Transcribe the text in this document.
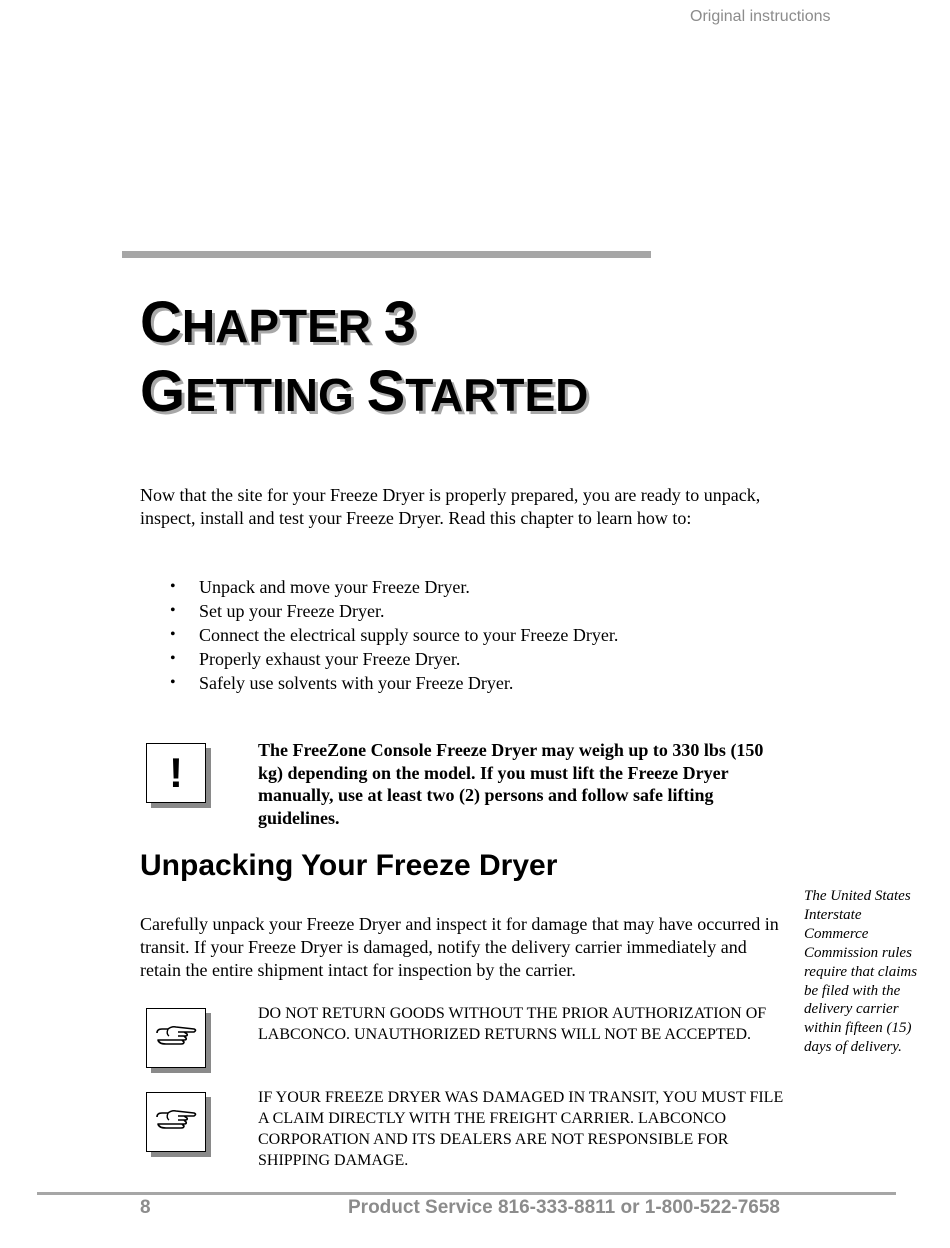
Original instructions
CHAPTER 3
GETTING STARTED

Now that the site for your Freeze Dryer is properly prepared, you are ready to unpack, inspect, install and test your Freeze Dryer. Read this chapter to learn how to:

• Unpack and move your Freeze Dryer.
• Set up your Freeze Dryer.
• Connect the electrical supply source to your Freeze Dryer.
• Properly exhaust your Freeze Dryer.
• Safely use solvents with your Freeze Dryer.
!	The FreeZone Console Freeze Dryer may weigh up to 330 lbs (150 kg) depending on the model. If you must lift the Freeze Dryer manually, use at least two (2) persons and follow safe lifting guidelines.

Unpacking Your Freeze Dryer

Carefully unpack your Freeze Dryer and inspect it for damage that may have occurred in transit. If your Freeze Dryer is damaged, notify the delivery carrier immediately and retain the entire shipment intact for inspection by the carrier.

The United States Interstate Commerce Commission rules require that claims be filed with the delivery carrier within fifteen (15) days of delivery.

DO NOT RETURN GOODS WITHOUT THE PRIOR AUTHORIZATION OF LABCONCO. UNAUTHORIZED RETURNS WILL NOT BE ACCEPTED.

IF YOUR FREEZE DRYER WAS DAMAGED IN TRANSIT, YOU MUST FILE A CLAIM DIRECTLY WITH THE FREIGHT CARRIER. LABCONCO CORPORATION AND ITS DEALERS ARE NOT RESPONSIBLE FOR SHIPPING DAMAGE.

8	Product Service 816-333-8811 or 1-800-522-7658
